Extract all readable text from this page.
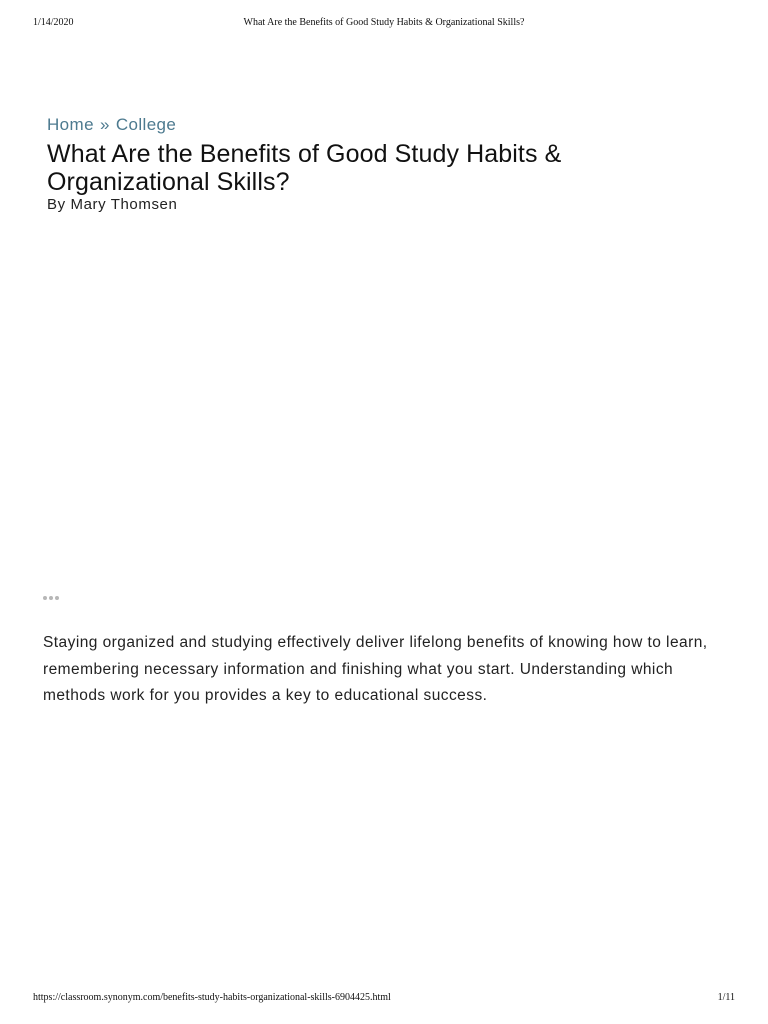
1/14/2020	What Are the Benefits of Good Study Habits & Organizational Skills?
Home » College
What Are the Benefits of Good Study Habits & Organizational Skills?
By Mary Thomsen

Staying organized and studying effectively deliver lifelong benefits of knowing how to learn, remembering necessary information and finishing what you start. Understanding which methods work for you provides a key to educational success.

https://classroom.synonym.com/benefits-study-habits-organizational-skills-6904425.html	1/11
